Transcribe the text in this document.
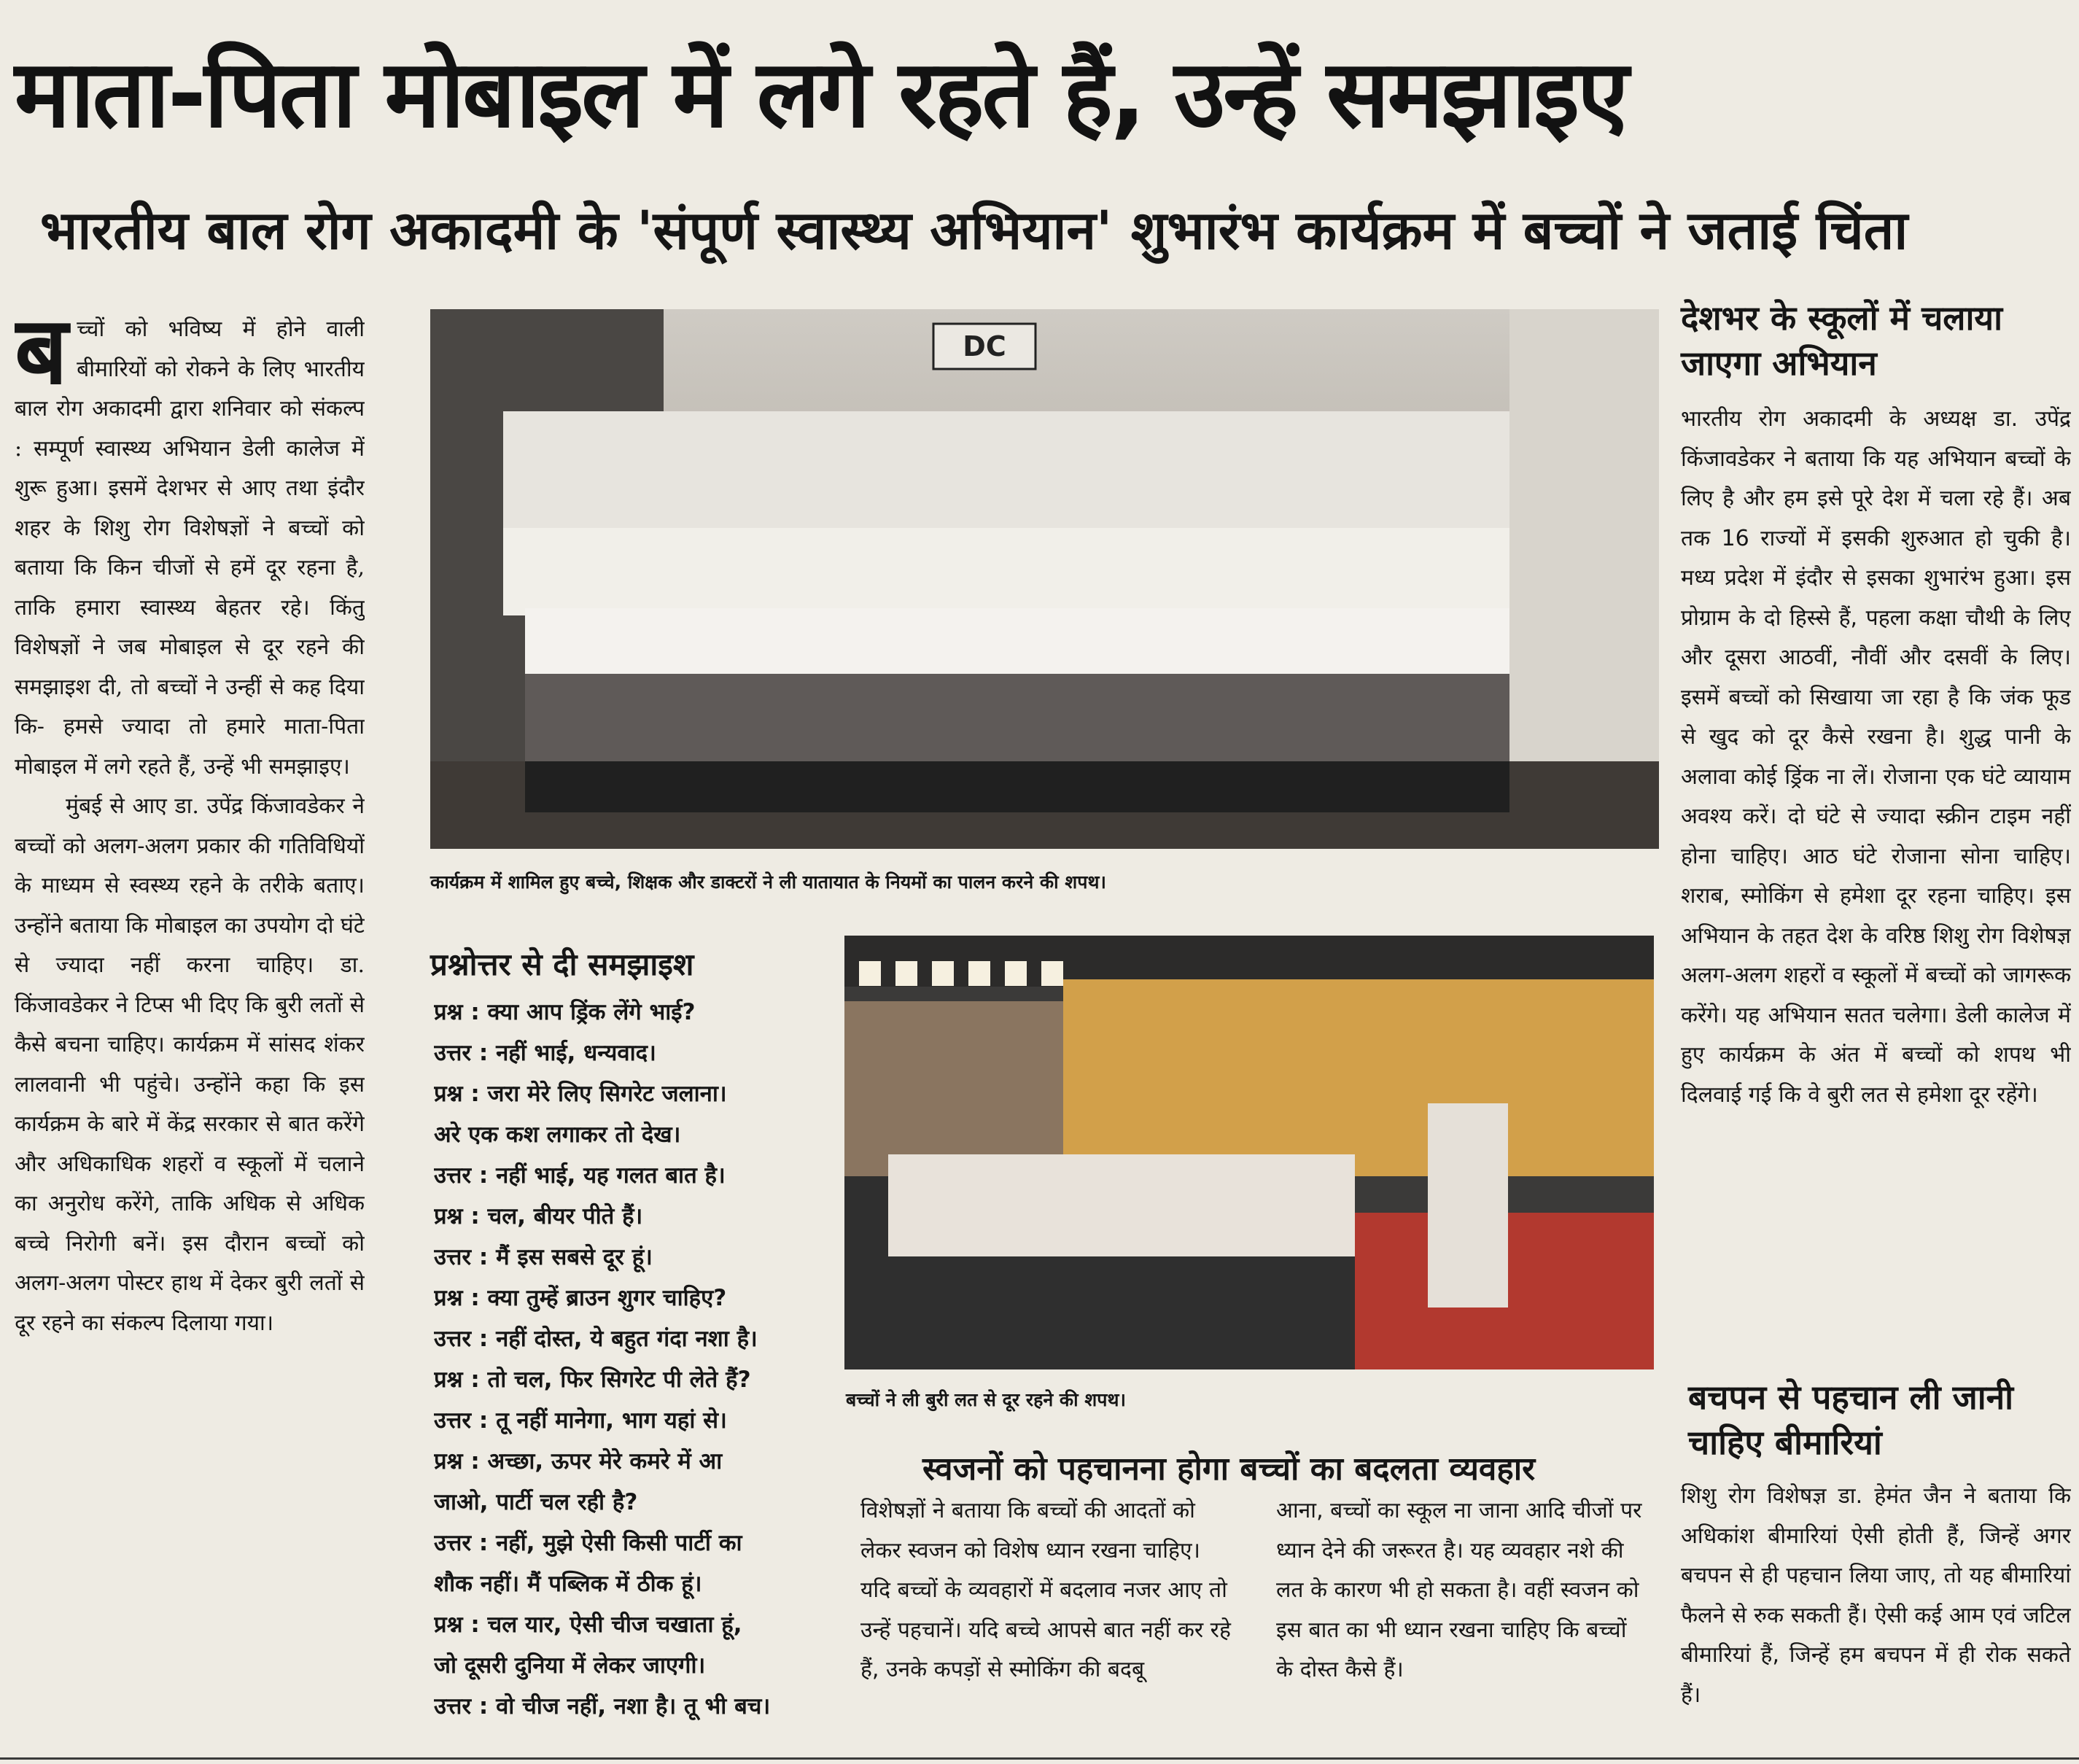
माता-पिता मोबाइल में लगे रहते हैं, उन्हें समझाइए
भारतीय बाल रोग अकादमी के 'संपूर्ण स्वास्थ्य अभियान' शुभारंभ कार्यक्रम में बच्चों ने जताई चिंता

बच्चों को भविष्य में होने वाली बीमारियों को रोकने के लिए भारतीय बाल रोग अकादमी द्वारा शनिवार को संकल्प : सम्पूर्ण स्वास्थ्य अभियान डेली कालेज में शुरू हुआ। इसमें देशभर से आए तथा इंदौर शहर के शिशु रोग विशेषज्ञों ने बच्चों को बताया कि किन चीजों से हमें दूर रहना है, ताकि हमारा स्वास्थ्य बेहतर रहे। किंतु विशेषज्ञों ने जब मोबाइल से दूर रहने की समझाइश दी, तो बच्चों ने उन्हीं से कह दिया कि- हमसे ज्यादा तो हमारे माता-पिता मोबाइल में लगे रहते हैं, उन्हें भी समझाइए।

मुंबई से आए डा. उपेंद्र किंजावडेकर ने बच्चों को अलग-अलग प्रकार की गतिविधियों के माध्यम से स्वस्थ्य रहने के तरीके बताए। उन्होंने बताया कि मोबाइल का उपयोग दो घंटे से ज्यादा नहीं करना चाहिए। डा. किंजावडेकर ने टिप्स भी दिए कि बुरी लतों से कैसे बचना चाहिए। कार्यक्रम में सांसद शंकर लालवानी भी पहुंचे। उन्होंने कहा कि इस कार्यक्रम के बारे में केंद्र सरकार से बात करेंगे और अधिकाधिक शहरों व स्कूलों में चलाने का अनुरोध करेंगे, ताकि अधिक से अधिक बच्चे निरोगी बनें। इस दौरान बच्चों को अलग-अलग पोस्टर हाथ में देकर बुरी लतों से दूर रहने का संकल्प दिलाया गया।

DC
कार्यक्रम में शामिल हुए बच्चे, शिक्षक और डाक्टरों ने ली यातायात के नियमों का पालन करने की शपथ।
प्रश्नोत्तर से दी समझाइश
प्रश्न : क्या आप ड्रिंक लेंगे भाई?
उत्तर : नहीं भाई, धन्यवाद।
प्रश्न : जरा मेरे लिए सिगरेट जलाना।
अरे एक कश लगाकर तो देख।
उत्तर : नहीं भाई, यह गलत बात है।
प्रश्न : चल, बीयर पीते हैं।
उत्तर : मैं इस सबसे दूर हूं।
प्रश्न : क्या तुम्हें ब्राउन शुगर चाहिए?
उत्तर : नहीं दोस्त, ये बहुत गंदा नशा है।
प्रश्न : तो चल, फिर सिगरेट पी लेते हैं?
उत्तर : तू नहीं मानेगा, भाग यहां से।
प्रश्न : अच्छा, ऊपर मेरे कमरे में आ
जाओ, पार्टी चल रही है?
उत्तर : नहीं, मुझे ऐसी किसी पार्टी का
शौक नहीं। मैं पब्लिक में ठीक हूं।
प्रश्न : चल यार, ऐसी चीज चखाता हूं,
जो दूसरी दुनिया में लेकर जाएगी।
उत्तर : वो चीज नहीं, नशा है। तू भी बच।
बच्चों ने ली बुरी लत से दूर रहने की शपथ।
देशभर के स्कूलों में चलाया जाएगा अभियान

भारतीय रोग अकादमी के अध्यक्ष डा. उपेंद्र किंजावडेकर ने बताया कि यह अभियान बच्चों के लिए है और हम इसे पूरे देश में चला रहे हैं। अब तक 16 राज्यों में इसकी शुरुआत हो चुकी है। मध्य प्रदेश में इंदौर से इसका शुभारंभ हुआ। इस प्रोग्राम के दो हिस्से हैं, पहला कक्षा चौथी के लिए और दूसरा आठवीं, नौवीं और दसवीं के लिए। इसमें बच्चों को सिखाया जा रहा है कि जंक फूड से खुद को दूर कैसे रखना है। शुद्ध पानी के अलावा कोई ड्रिंक ना लें। रोजाना एक घंटे व्यायाम अवश्य करें। दो घंटे से ज्यादा स्क्रीन टाइम नहीं होना चाहिए। आठ घंटे रोजाना सोना चाहिए। शराब, स्मोकिंग से हमेशा दूर रहना चाहिए। इस अभियान के तहत देश के वरिष्ठ शिशु रोग विशेषज्ञ अलग-अलग शहरों व स्कूलों में बच्चों को जागरूक करेंगे। यह अभियान सतत चलेगा। डेली कालेज में हुए कार्यक्रम के अंत में बच्चों को शपथ भी दिलवाई गई कि वे बुरी लत से हमेशा दूर रहेंगे।

बचपन से पहचान ली जानी चाहिए बीमारियां

शिशु रोग विशेषज्ञ डा. हेमंत जैन ने बताया कि अधिकांश बीमारियां ऐसी होती हैं, जिन्हें अगर बचपन से ही पहचान लिया जाए, तो यह बीमारियां फैलने से रुक सकती हैं। ऐसी कई आम एवं जटिल बीमारियां हैं, जिन्हें हम बचपन में ही रोक सकते हैं।

स्वजनों को पहचानना होगा बच्चों का बदलता व्यवहार

विशेषज्ञों ने बताया कि बच्चों की आदतों को लेकर स्वजन को विशेष ध्यान रखना चाहिए। यदि बच्चों के व्यवहारों में बदलाव नजर आए तो उन्हें पहचानें। यदि बच्चे आपसे बात नहीं कर रहे हैं, उनके कपड़ों से स्मोकिंग की बदबू

आना, बच्चों का स्कूल ना जाना आदि चीजों पर ध्यान देने की जरूरत है। यह व्यवहार नशे की लत के कारण भी हो सकता है। वहीं स्वजन को इस बात का भी ध्यान रखना चाहिए कि बच्चों के दोस्त कैसे हैं।
